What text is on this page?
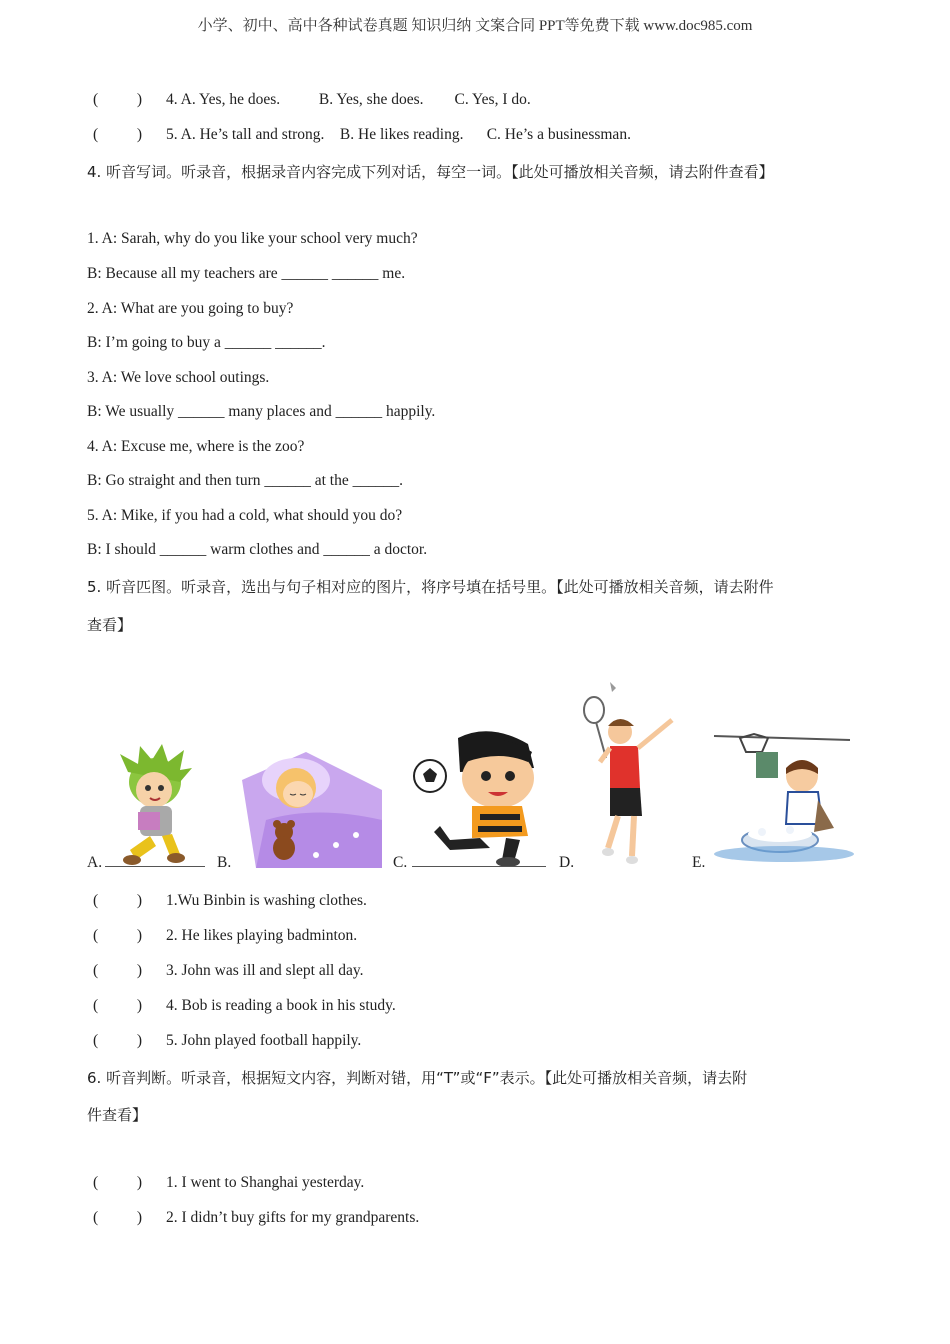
小学、初中、高中各种试卷真题 知识归纳 文案合同 PPT等免费下载 www.doc985.com
(          ) 4. A. Yes, he does.          B. Yes, she does.        C. Yes, I do.
(          ) 5. A. He’s tall and strong.    B. He likes reading.      C. He’s a businessman.
4. 听音写词。听录音，根据录音内容完成下列对话，每空一词。【此处可播放相关音频，请去附件查看】
1. A: Sarah, why do you like your school very much?
B: Because all my teachers are ______ ______ me.
2. A: What are you going to buy?
B: I’m going to buy a ______ ______.
3. A: We love school outings.
B: We usually ______ many places and ______ happily.
4. A: Excuse me, where is the zoo?
B: Go straight and then turn ______ at the ______.
5. A: Mike, if you had a cold, what should you do?
B: I should ______ warm clothes and ______ a doctor.
5. 听音匹图。听录音，选出与句子相对应的图片，将序号填在括号里。【此处可播放相关音频，请去附件
查看】
A.	B.	C.	D.	E.
(          ) 1.Wu Binbin is washing clothes.
(          ) 2. He likes playing badminton.
(          ) 3. John was ill and slept all day.
(          ) 4. Bob is reading a book in his study.
(          ) 5. John played football happily.
6. 听音判断。听录音，根据短文内容，判断对错，用“T”或“F”表示。【此处可播放相关音频，请去附
件查看】
(          ) 1. I went to Shanghai yesterday.
(          ) 2. I didn’t buy gifts for my grandparents.
